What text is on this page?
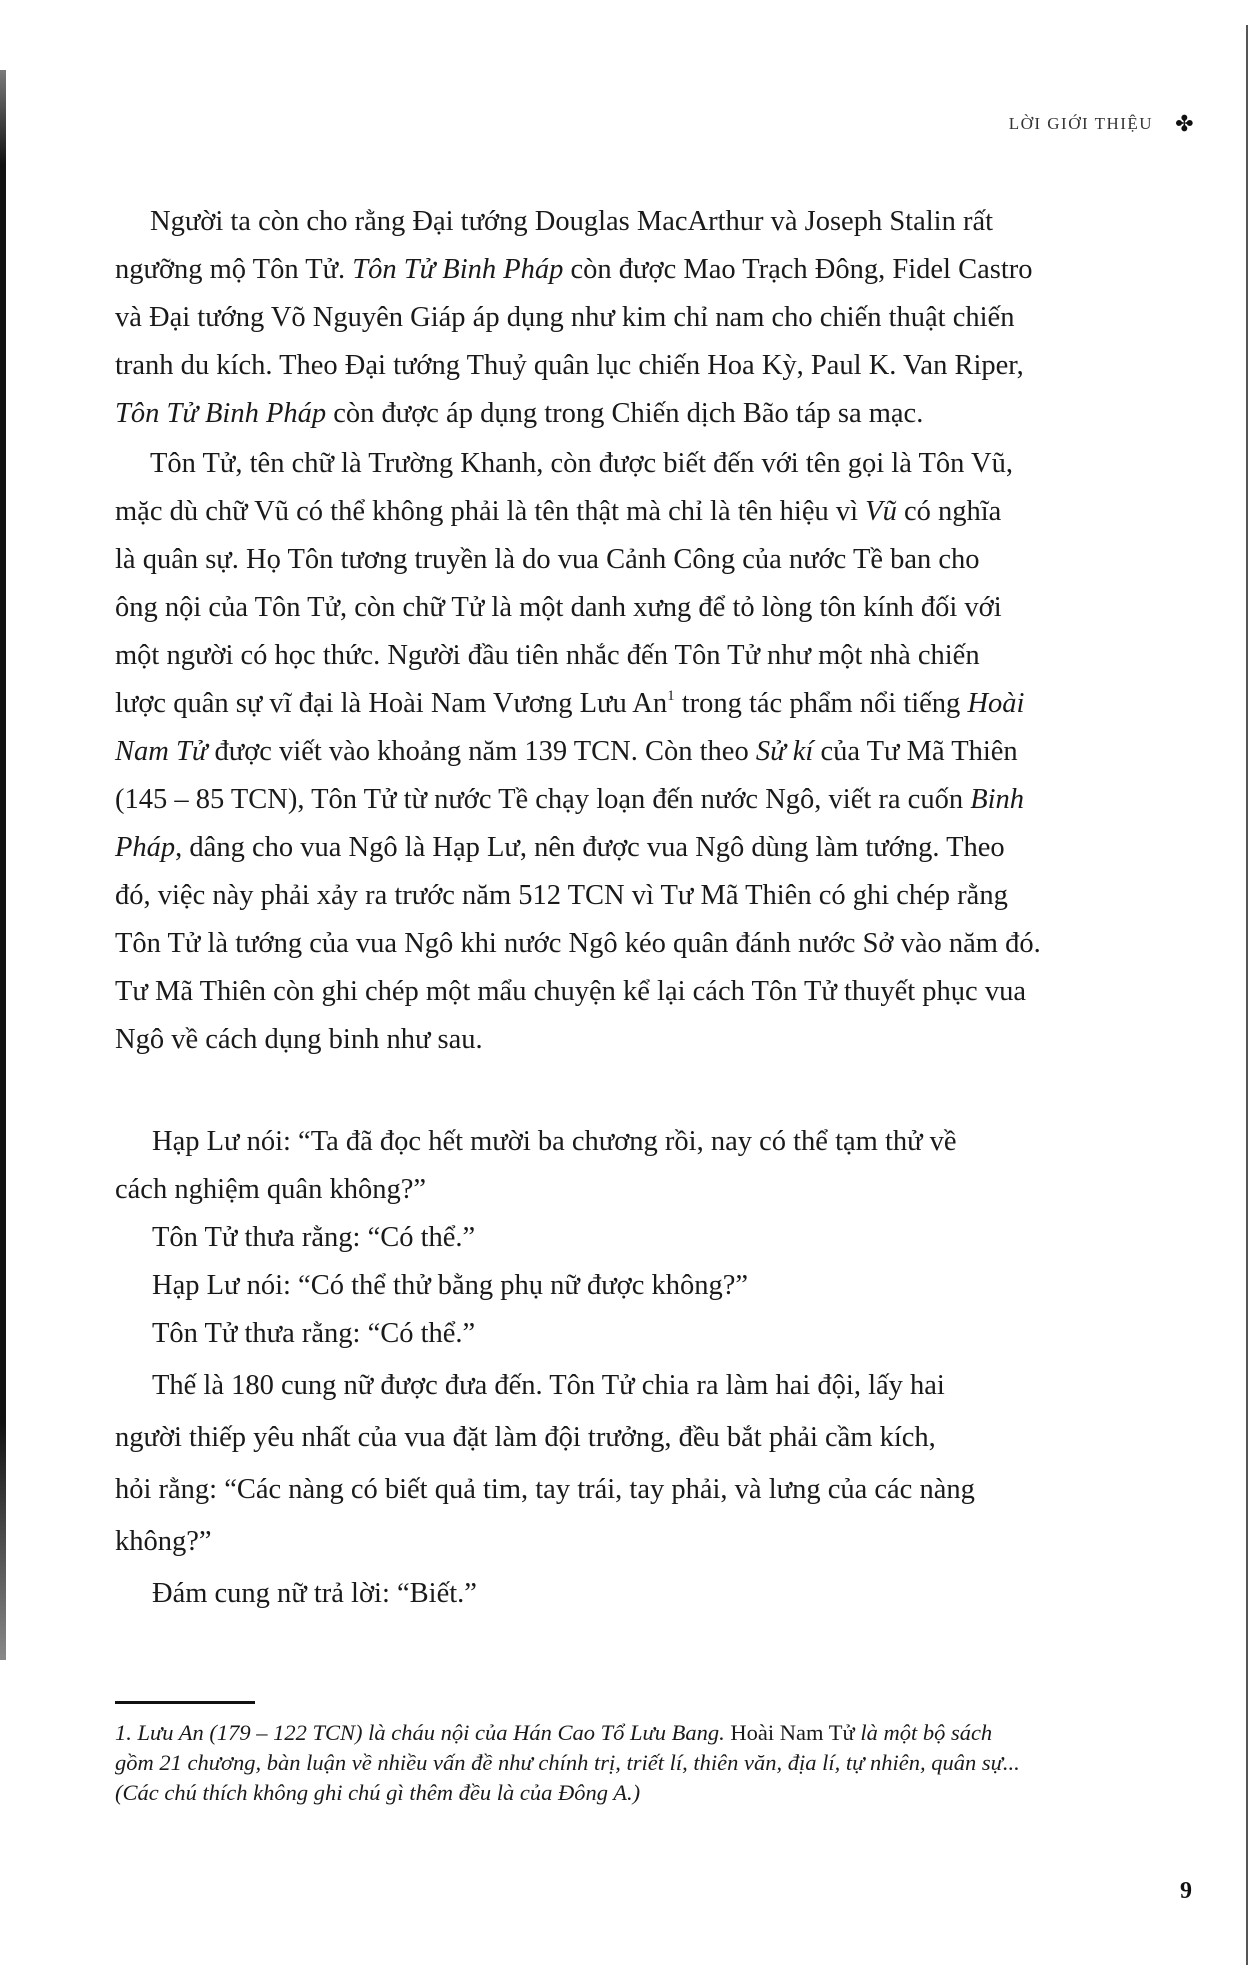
LỜI GIỚI THIỆU ✤
Người ta còn cho rằng Đại tướng Douglas MacArthur và Joseph Stalin rất
ngưỡng mộ Tôn Tử. Tôn Tử Binh Pháp còn được Mao Trạch Đông, Fidel Castro
và Đại tướng Võ Nguyên Giáp áp dụng như kim chỉ nam cho chiến thuật chiến
tranh du kích. Theo Đại tướng Thuỷ quân lục chiến Hoa Kỳ, Paul K. Van Riper,
Tôn Tử Binh Pháp còn được áp dụng trong Chiến dịch Bão táp sa mạc.
Tôn Tử, tên chữ là Trường Khanh, còn được biết đến với tên gọi là Tôn Vũ,
mặc dù chữ Vũ có thể không phải là tên thật mà chỉ là tên hiệu vì Vũ có nghĩa
là quân sự. Họ Tôn tương truyền là do vua Cảnh Công của nước Tề ban cho
ông nội của Tôn Tử, còn chữ Tử là một danh xưng để tỏ lòng tôn kính đối với
một người có học thức. Người đầu tiên nhắc đến Tôn Tử như một nhà chiến
lược quân sự vĩ đại là Hoài Nam Vương Lưu An$^1$ trong tác phẩm nổi tiếng Hoài
Nam Tử được viết vào khoảng năm 139 TCN. Còn theo Sử kí của Tư Mã Thiên
(145 – 85 TCN), Tôn Tử từ nước Tề chạy loạn đến nước Ngô, viết ra cuốn Binh
Pháp, dâng cho vua Ngô là Hạp Lư, nên được vua Ngô dùng làm tướng. Theo
đó, việc này phải xảy ra trước năm 512 TCN vì Tư Mã Thiên có ghi chép rằng
Tôn Tử là tướng của vua Ngô khi nước Ngô kéo quân đánh nước Sở vào năm đó.
Tư Mã Thiên còn ghi chép một mẩu chuyện kể lại cách Tôn Tử thuyết phục vua
Ngô về cách dụng binh như sau.
Hạp Lư nói: “Ta đã đọc hết mười ba chương rồi, nay có thể tạm thử về
cách nghiệm quân không?”
Tôn Tử thưa rằng: “Có thể.”
Hạp Lư nói: “Có thể thử bằng phụ nữ được không?”
Tôn Tử thưa rằng: “Có thể.”
Thế là 180 cung nữ được đưa đến. Tôn Tử chia ra làm hai đội, lấy hai
người thiếp yêu nhất của vua đặt làm đội trưởng, đều bắt phải cầm kích,
hỏi rằng: “Các nàng có biết quả tim, tay trái, tay phải, và lưng của các nàng
không?”
Đám cung nữ trả lời: “Biết.”
1. Lưu An (179 – 122 TCN) là cháu nội của Hán Cao Tổ Lưu Bang. Hoài Nam Tử là một bộ sách
gồm 21 chương, bàn luận về nhiều vấn đề như chính trị, triết lí, thiên văn, địa lí, tự nhiên, quân sự...
(Các chú thích không ghi chú gì thêm đều là của Đông A.)
9
